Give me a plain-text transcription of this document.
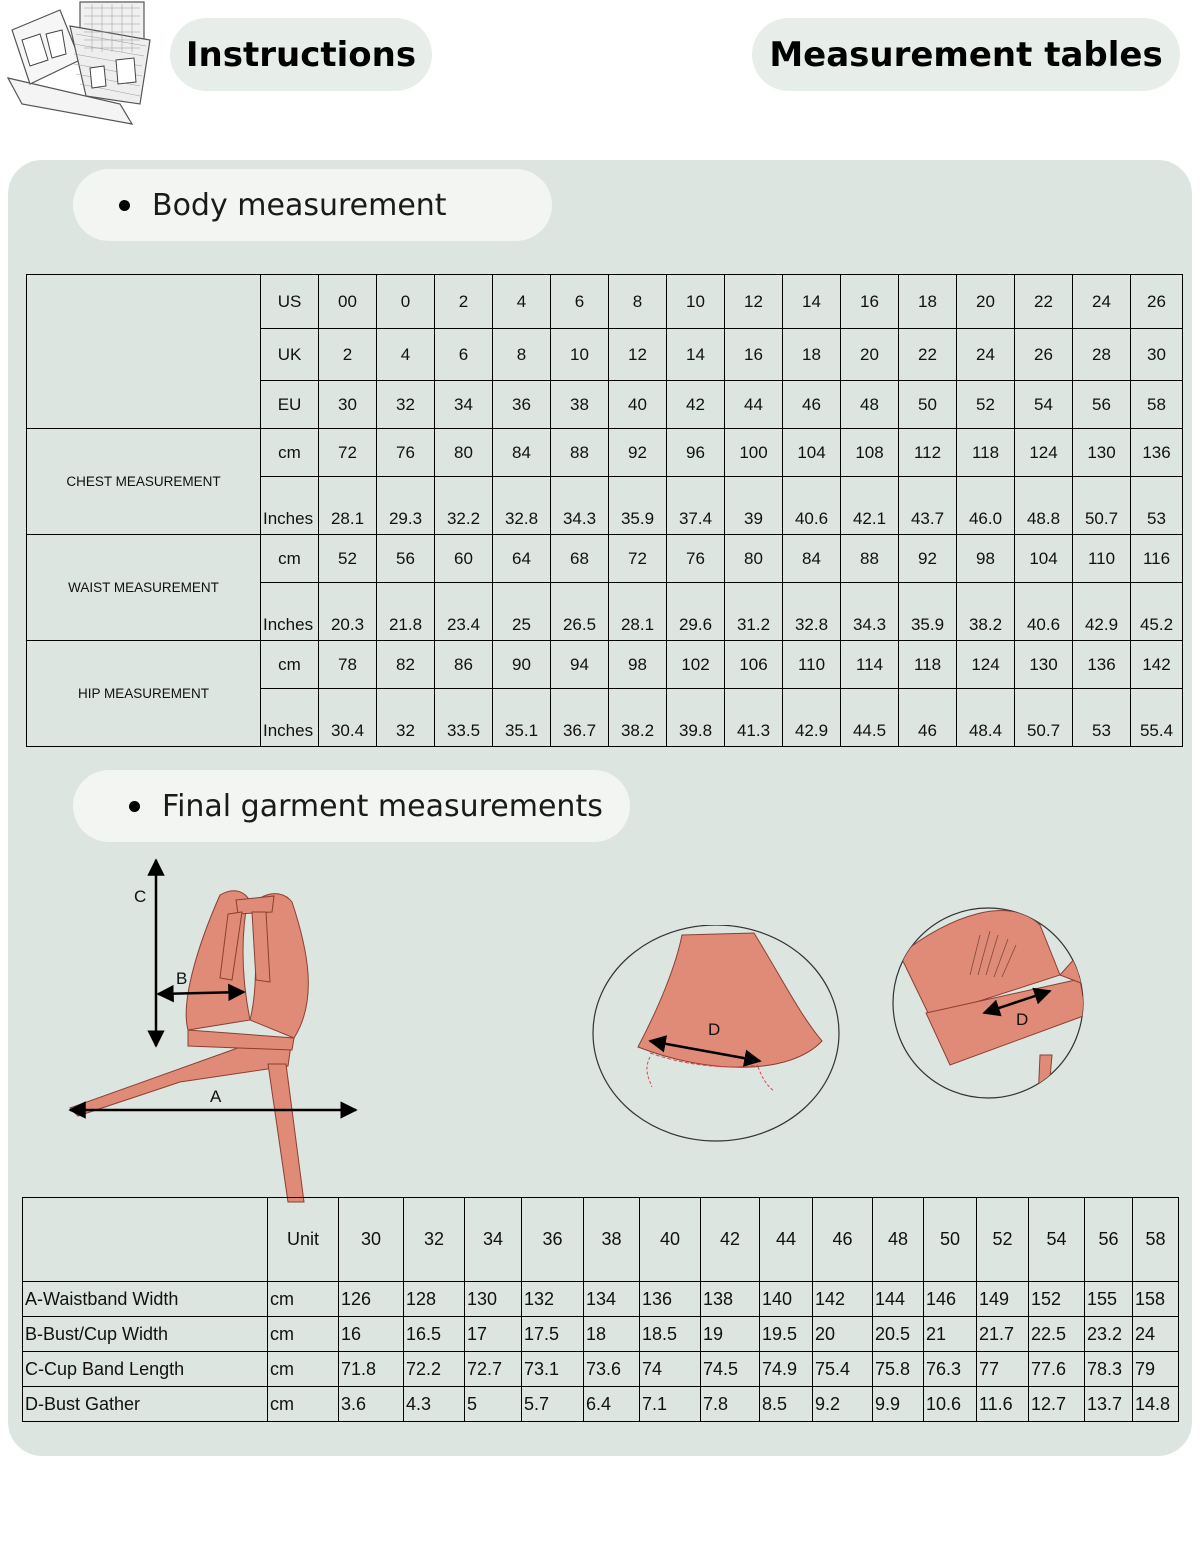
Instructions	Measurement tables
Body measurement
	US	00	0	2	4	6	8	10	12	14	16	18	20	22	24	26
	UK	2	4	6	8	10	12	14	16	18	20	22	24	26	28	30
	EU	30	32	34	36	38	40	42	44	46	48	50	52	54	56	58
CHEST MEASUREMENT	cm	72	76	80	84	88	92	96	100	104	108	112	118	124	130	136
	Inches	28.1	29.3	32.2	32.8	34.3	35.9	37.4	39	40.6	42.1	43.7	46.0	48.8	50.7	53
WAIST MEASUREMENT	cm	52	56	60	64	68	72	76	80	84	88	92	98	104	110	116
	Inches	20.3	21.8	23.4	25	26.5	28.1	29.6	31.2	32.8	34.3	35.9	38.2	40.6	42.9	45.2
HIP MEASUREMENT	cm	78	82	86	90	94	98	102	106	110	114	118	124	130	136	142
	Inches	30.4	32	33.5	35.1	36.7	38.2	39.8	41.3	42.9	44.5	46	48.4	50.7	53	55.4
Final garment measurements
C
B
A
D
D
	Unit	30	32	34	36	38	40	42	44	46	48	50	52	54	56	58
A-Waistband Width	cm	126	128	130	132	134	136	138	140	142	144	146	149	152	155	158
B-Bust/Cup Width	cm	16	16.5	17	17.5	18	18.5	19	19.5	20	20.5	21	21.7	22.5	23.2	24
C-Cup Band Length	cm	71.8	72.2	72.7	73.1	73.6	74	74.5	74.9	75.4	75.8	76.3	77	77.6	78.3	79
D-Bust Gather	cm	3.6	4.3	5	5.7	6.4	7.1	7.8	8.5	9.2	9.9	10.6	11.6	12.7	13.7	14.8
